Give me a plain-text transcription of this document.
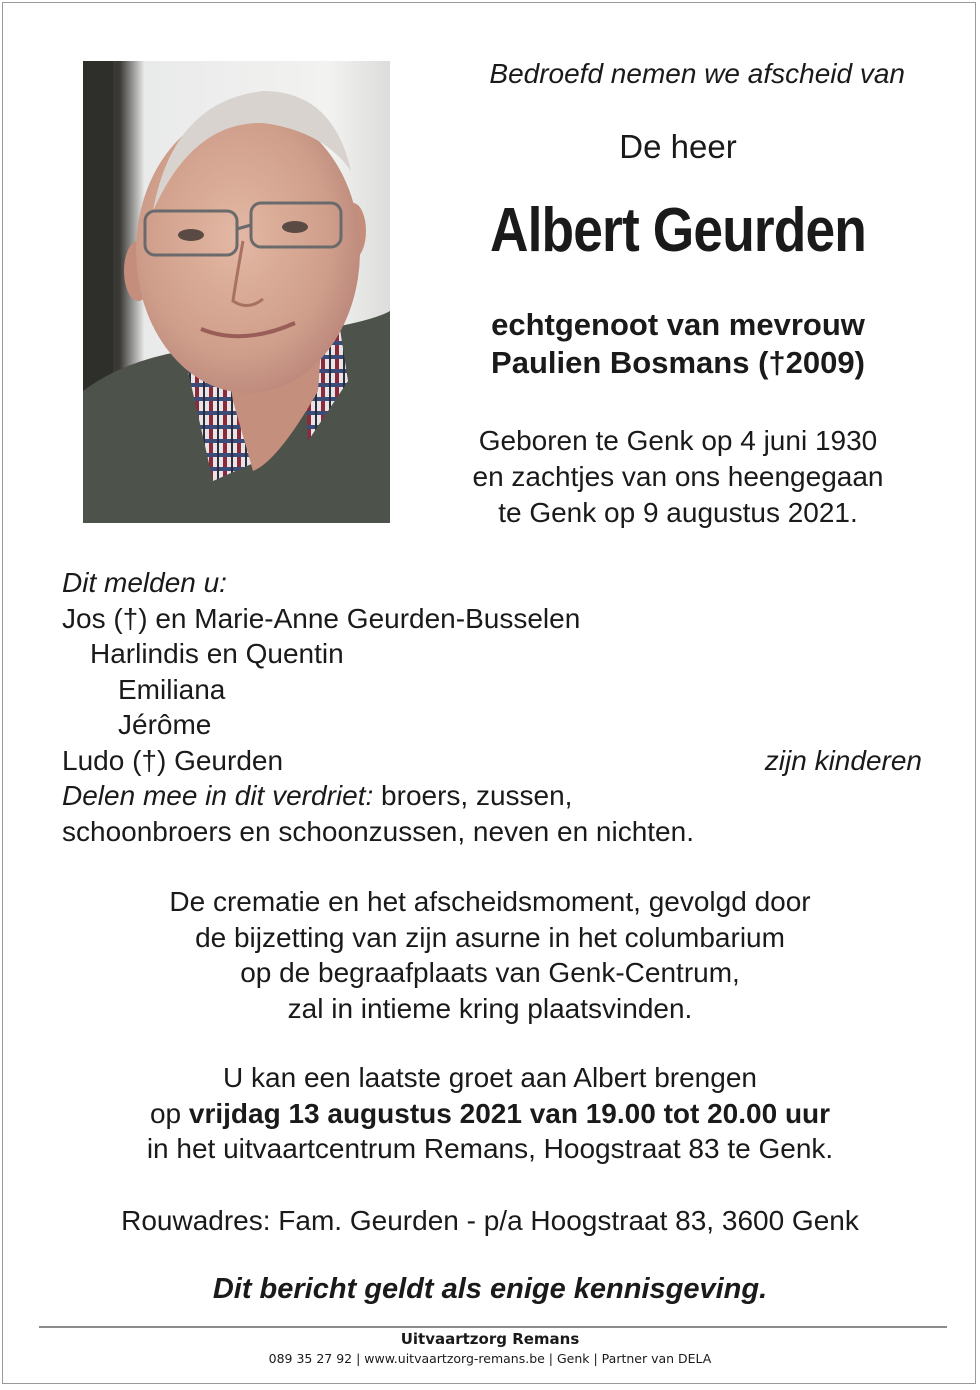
Bedroefd nemen we afscheid van
De heer
Albert Geurden
echtgenoot van mevrouw
Paulien Bosmans (†2009)
Geboren te Genk op 4 juni 1930
en zachtjes van ons heengegaan
te Genk op 9 augustus 2021.
Dit melden u:
Jos (†) en Marie-Anne Geurden-Busselen
Harlindis en Quentin
Emiliana
Jérôme
Ludo (†) Geurden	zijn kinderen
Delen mee in dit verdriet: broers, zussen,
schoonbroers en schoonzussen, neven en nichten.
De crematie en het afscheidsmoment, gevolgd door
de bijzetting van zijn asurne in het columbarium
op de begraafplaats van Genk-Centrum,
zal in intieme kring plaatsvinden.
U kan een laatste groet aan Albert brengen
op vrijdag 13 augustus 2021 van 19.00 tot 20.00 uur
in het uitvaartcentrum Remans, Hoogstraat 83 te Genk.
Rouwadres: Fam. Geurden - p/a Hoogstraat 83, 3600 Genk
Dit bericht geldt als enige kennisgeving.
Uitvaartzorg Remans
089 35 27 92 | www.uitvaartzorg-remans.be | Genk | Partner van DELA
